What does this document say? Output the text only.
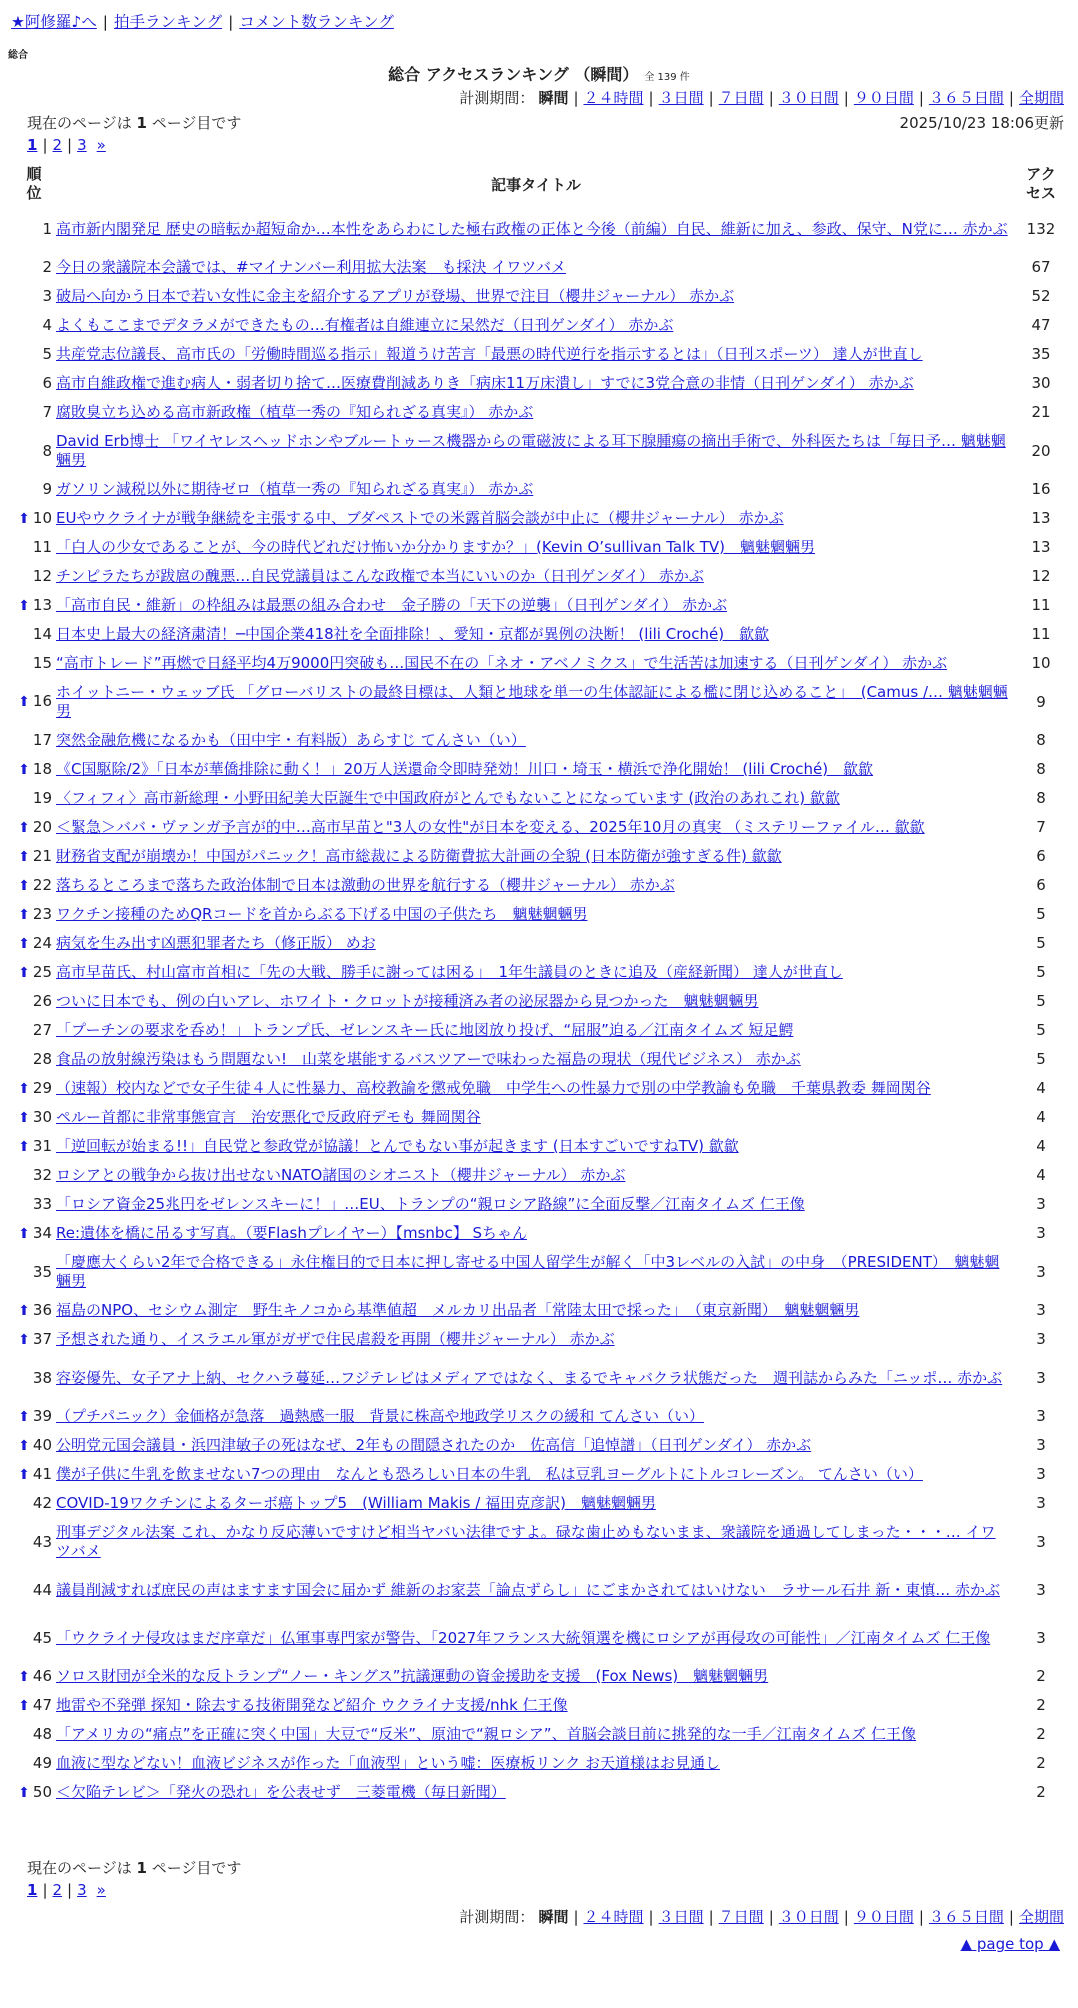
★阿修羅♪へ | 拍手ランキング | コメント数ランキング
総合
総合 アクセスランキング （瞬間） 全 139 件
計測期間： 瞬間 | ２４時間 | ３日間 | ７日間 | ３０日間 | ９０日間 | ３６５日間 | 全期間
現在のページは 1 ページ目です	2025/10/23 18:06更新
1 | 2 | 3 »
順位	記事タイトル	アクセス
1	高市新内閣発足 歴史の暗転か超短命か…本性をあらわにした極右政権の正体と今後（前編）自民、維新に加え、参政、保守、N党に… 赤かぶ	132
2	今日の衆議院本会議では、#マイナンバー利用拡大法案　も採決 イワツバメ	67
3	破局へ向かう日本で若い女性に金主を紹介するアプリが登場、世界で注目（櫻井ジャーナル） 赤かぶ	52
4	よくもここまでデタラメができたもの…有権者は自維連立に呆然だ（日刊ゲンダイ） 赤かぶ	47
5	共産党志位議長、高市氏の「労働時間巡る指示」報道うけ苦言「最悪の時代逆行を指示するとは」（日刊スポーツ） 達人が世直し	35
6	高市自維政権で進む病人・弱者切り捨て…医療費削減ありき「病床11万床潰し」すでに3党合意の非情（日刊ゲンダイ） 赤かぶ	30
7	腐敗臭立ち込める高市新政権（植草一秀の『知られざる真実』） 赤かぶ	21
8	David Erb博士 「ワイヤレスヘッドホンやブルートゥース機器からの電磁波による耳下腺腫瘍の摘出手術で、外科医たちは「毎日予… 魑魅魍魎男	20
9	ガソリン減税以外に期待ゼロ（植草一秀の『知られざる真実』） 赤かぶ	16
⬆ 10	EUやウクライナが戦争継続を主張する中、ブダペストでの米露首脳会談が中止に（櫻井ジャーナル） 赤かぶ	13
11	「白人の少女であることが、今の時代どれだけ怖いか分かりますか？」(Kevin O’sullivan Talk TV)　魑魅魍魎男	13
12	チンピラたちが跋扈の醜悪…自民党議員はこんな政権で本当にいいのか（日刊ゲンダイ） 赤かぶ	12
⬆ 13	「高市自民・維新」の枠組みは最悪の組み合わせ　金子勝の「天下の逆襲」（日刊ゲンダイ） 赤かぶ	11
14	日本史上最大の経済粛清！─中国企業418社を全面排除！、愛知・京都が異例の決断！ (lili Croché)　歙歙	11
15	“高市トレード”再燃で日経平均4万9000円突破も…国民不在の「ネオ・アベノミクス」で生活苦は加速する（日刊ゲンダイ） 赤かぶ	10
⬆ 16	ホイットニー・ウェッブ氏 「グローバリストの最終目標は、人類と地球を単一の生体認証による檻に閉じ込めること」　(Camus /… 魑魅魍魎男	9
17	突然金融危機になるかも（田中宇・有料版）あらすじ てんさい（い）	8
⬆ 18	《C国駆除/2》「日本が華僑排除に動く！」20万人送還命令即時発効！川口・埼玉・横浜で浄化開始！ (lili Croché)　歙歙	8
19	〈フィフィ〉高市新総理・小野田紀美大臣誕生で中国政府がとんでもないことになっています (政治のあれこれ) 歙歙	8
⬆ 20	＜緊急＞ババ・ヴァンガ予言が的中…高市早苗と"3人の女性"が日本を変える、2025年10月の真実 （ミステリーファイル… 歙歙	7
⬆ 21	財務省支配が崩壊か！中国がパニック！高市総裁による防衛費拡大計画の全貌 (日本防衛が強すぎる件) 歙歙	6
⬆ 22	落ちるところまで落ちた政治体制で日本は激動の世界を航行する（櫻井ジャーナル） 赤かぶ	6
⬆ 23	ワクチン接種のためQRコードを首からぶる下げる中国の子供たち　魑魅魍魎男	5
⬆ 24	病気を生み出す凶悪犯罪者たち（修正版） めお	5
⬆ 25	高市早苗氏、村山富市首相に「先の大戦、勝手に謝っては困る」　1年生議員のときに追及（産経新聞） 達人が世直し	5
26	ついに日本でも、例の白いアレ、ホワイト・クロットが接種済み者の泌尿器から見つかった　魑魅魍魎男	5
27	「プーチンの要求を呑め！」トランプ氏、ゼレンスキー氏に地図放り投げ、“屈服”迫る／江南タイムズ 短足鰐	5
28	食品の放射線汚染はもう問題ない!　山菜を堪能するバスツアーで味わった福島の現状（現代ビジネス） 赤かぶ	5
⬆ 29	（速報）校内などで女子生徒４人に性暴力、高校教諭を懲戒免職　中学生への性暴力で別の中学教諭も免職　千葉県教委 舞岡関谷	4
⬆ 30	ペルー首都に非常事態宣言　治安悪化で反政府デモも 舞岡関谷	4
⬆ 31	「逆回転が始まる!!」自民党と参政党が協議！とんでもない事が起きます (日本すごいですねTV) 歙歙	4
32	ロシアとの戦争から抜け出せないNATO諸国のシオニスト（櫻井ジャーナル） 赤かぶ	4
33	「ロシア資金25兆円をゼレンスキーに！」…EU、トランプの“親ロシア路線”に全面反撃／江南タイムズ 仁王像	3
⬆ 34	Re:遺体を橋に吊るす写真。（要Flashプレイヤー）【msnbc】 Sちゃん	3
35	「慶應大くらい2年で合格できる」永住権目的で日本に押し寄せる中国人留学生が解く「中3レベルの入試」の中身　（PRESIDENT）　魑魅魍魎男	3
⬆ 36	福島のNPO、セシウム測定　野生キノコから基準値超　メルカリ出品者「常陸太田で採った」　（東京新聞）　魑魅魍魎男	3
⬆ 37	予想された通り、イスラエル軍がガザで住民虐殺を再開（櫻井ジャーナル） 赤かぶ	3
38	容姿優先、女子アナ上納、セクハラ蔓延…フジテレビはメディアではなく、まるでキャバクラ状態だった　週刊誌からみた「ニッポ… 赤かぶ	3
⬆ 39	（プチパニック）金価格が急落　過熱感一服　背景に株高や地政学リスクの緩和 てんさい（い）	3
⬆ 40	公明党元国会議員・浜四津敏子の死はなぜ、2年もの間隠されたのか　佐高信「追悼譜」（日刊ゲンダイ） 赤かぶ	3
⬆ 41	僕が子供に牛乳を飲ませない7つの理由　なんとも恐ろしい日本の牛乳　私は豆乳ヨーグルトにトルコレーズン。 てんさい（い）	3
42	COVID-19ワクチンによるターボ癌トップ5　(William Makis / 福田克彦訳)　魑魅魍魎男	3
43	刑事デジタル法案 これ、かなり反応薄いですけど相当ヤバい法律ですよ。碌な歯止めもないまま、衆議院を通過してしまった・・・… イワツバメ	3
44	議員削減すれば庶民の声はますます国会に届かず 維新のお家芸「論点ずらし」にごまかされてはいけない　ラサール石井 新・東慎… 赤かぶ	3
45	「ウクライナ侵攻はまだ序章だ」仏軍事専門家が警告、「2027年フランス大統領選を機にロシアが再侵攻の可能性」／江南タイムズ 仁王像	3
⬆ 46	ソロス財団が全米的な反トランプ“ノー・キングス”抗議運動の資金援助を支援　(Fox News)　魑魅魍魎男	2
⬆ 47	地雷や不発弾 探知・除去する技術開発など紹介 ウクライナ支援/nhk 仁王像	2
48	「アメリカの“痛点”を正確に突く中国」大豆で“反米”、原油で“親ロシア”、首脳会談目前に挑発的な一手／江南タイムズ 仁王像	2
49	血液に型などない！血液ビジネスが作った「血液型」という嘘：医療板リンク お天道様はお見通し	2
⬆ 50	＜欠陥テレビ＞「発火の恐れ」を公表せず　三菱電機（毎日新聞）	2
現在のページは 1 ページ目です
1 | 2 | 3 »
計測期間： 瞬間 | ２４時間 | ３日間 | ７日間 | ３０日間 | ９０日間 | ３６５日間 | 全期間
▲ page top ▲
